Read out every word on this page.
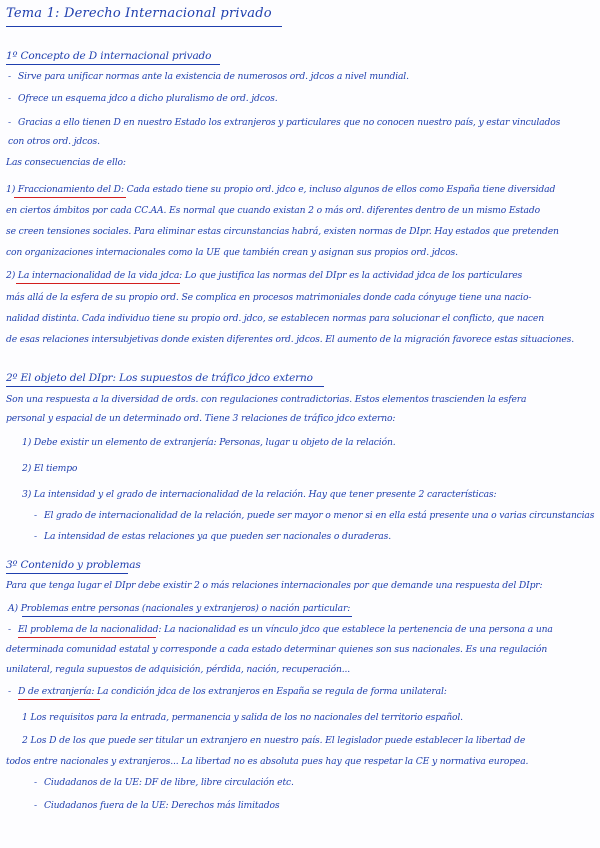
Tema 1: Derecho Internacional privado
1º Concepto de D internacional privado
- Sirve para unificar normas ante la existencia de numerosos ord. jdcos a nivel mundial.
- Ofrece un esquema jdco a dicho pluralismo de ord. jdcos.
- Gracias a ello tienen D en nuestro Estado los extranjeros y particulares que no conocen nuestro país, y estar vinculados
con otros ord. jdcos.
Las consecuencias de ello:
1) Fraccionamiento del D: Cada estado tiene su propio ord. jdco e, incluso algunos de ellos como España tiene diversidad
en ciertos ámbitos por cada CC.AA. Es normal que cuando existan 2 o más ord. diferentes dentro de un mismo Estado
se creen tensiones sociales. Para eliminar estas circunstancias habrá, existen normas de DIpr. Hay estados que pretenden
con organizaciones internacionales como la UE que también crean y asignan sus propios ord. jdcos.
2) La internacionalidad de la vida jdca: Lo que justifica las normas del DIpr es la actividad jdca de los particulares
más allá de la esfera de su propio ord. Se complica en procesos matrimoniales donde cada cónyuge tiene una nacio-
nalidad distinta. Cada individuo tiene su propio ord. jdco, se establecen normas para solucionar el conflicto, que nacen
de esas relaciones intersubjetivas donde existen diferentes ord. jdcos. El aumento de la migración favorece estas situaciones.
2º El objeto del DIpr: Los supuestos de tráfico jdco externo
Son una respuesta a la diversidad de ords. con regulaciones contradictorias. Estos elementos trascienden la esfera
personal y espacial de un determinado ord. Tiene 3 relaciones de tráfico jdco externo:
1) Debe existir un elemento de extranjería: Personas, lugar u objeto de la relación.
2) El tiempo
3) La intensidad y el grado de internacionalidad de la relación. Hay que tener presente 2 características:
- El grado de internacionalidad de la relación, puede ser mayor o menor si en ella está presente una o varias circunstancias
- La intensidad de estas relaciones ya que pueden ser nacionales o duraderas.
3º Contenido y problemas
Para que tenga lugar el DIpr debe existir 2 o más relaciones internacionales por que demande una respuesta del DIpr:
A) Problemas entre personas (nacionales y extranjeros) o nación particular:
- El problema de la nacionalidad: La nacionalidad es un vínculo jdco que establece la pertenencia de una persona a una
determinada comunidad estatal y corresponde a cada estado determinar quienes son sus nacionales. Es una regulación
unilateral, regula supuestos de adquisición, pérdida, nación, recuperación...
- D de extranjería: La condición jdca de los extranjeros en España se regula de forma unilateral:
1 Los requisitos para la entrada, permanencia y salida de los no nacionales del territorio español.
2 Los D de los que puede ser titular un extranjero en nuestro país. El legislador puede establecer la libertad de
todos entre nacionales y extranjeros... La libertad no es absoluta pues hay que respetar la CE y normativa europea.
- Ciudadanos de la UE: DF de libre, libre circulación etc.
- Ciudadanos fuera de la UE: Derechos más limitados
